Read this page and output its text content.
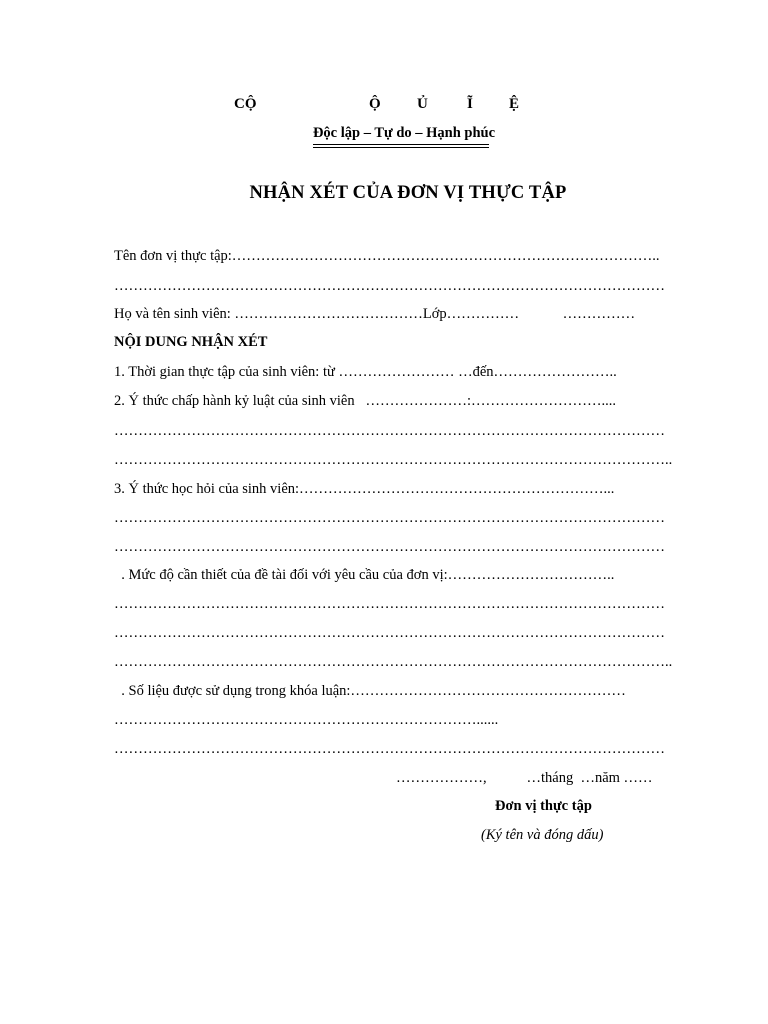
CỘ	Ộ Ủ	Ĩ Ệ
Độc lập – Tự do – Hạnh phúc
NHẬN XÉT CỦA ĐƠN VỊ THỰC TẬP
Tên đơn vị thực tập:……………………………………………………………………………..
……………………………………………………………………………………………………
Họ và tên sinh viên: …………………………………Lớp……………            ……………
NỘI DUNG NHẬN XÉT
1. Thời gian thực tập của sinh viên: từ …………………… …đến……………………..
2. Ý thức chấp hành kỷ luật của sinh viên   …………………:………………………....
……………………………………………………………………………………………………
……………………………………………………………………………………………………..
3. Ý thức học hỏi của sinh viên:………………………………………………………...
……………………………………………………………………………………………………
……………………………………………………………………………………………………
. Mức độ cần thiết của đề tài đối với yêu cầu của đơn vị:……………………………..
……………………………………………………………………………………………………
……………………………………………………………………………………………………
……………………………………………………………………………………………………..
. Số liệu được sử dụng trong khóa luận:…………………………………………………
…………………………………………………………………......
……………………………………………………………………………………………………
………………,           …tháng  …năm ……
Đơn vị thực tập
(Ký tên và đóng dấu)
